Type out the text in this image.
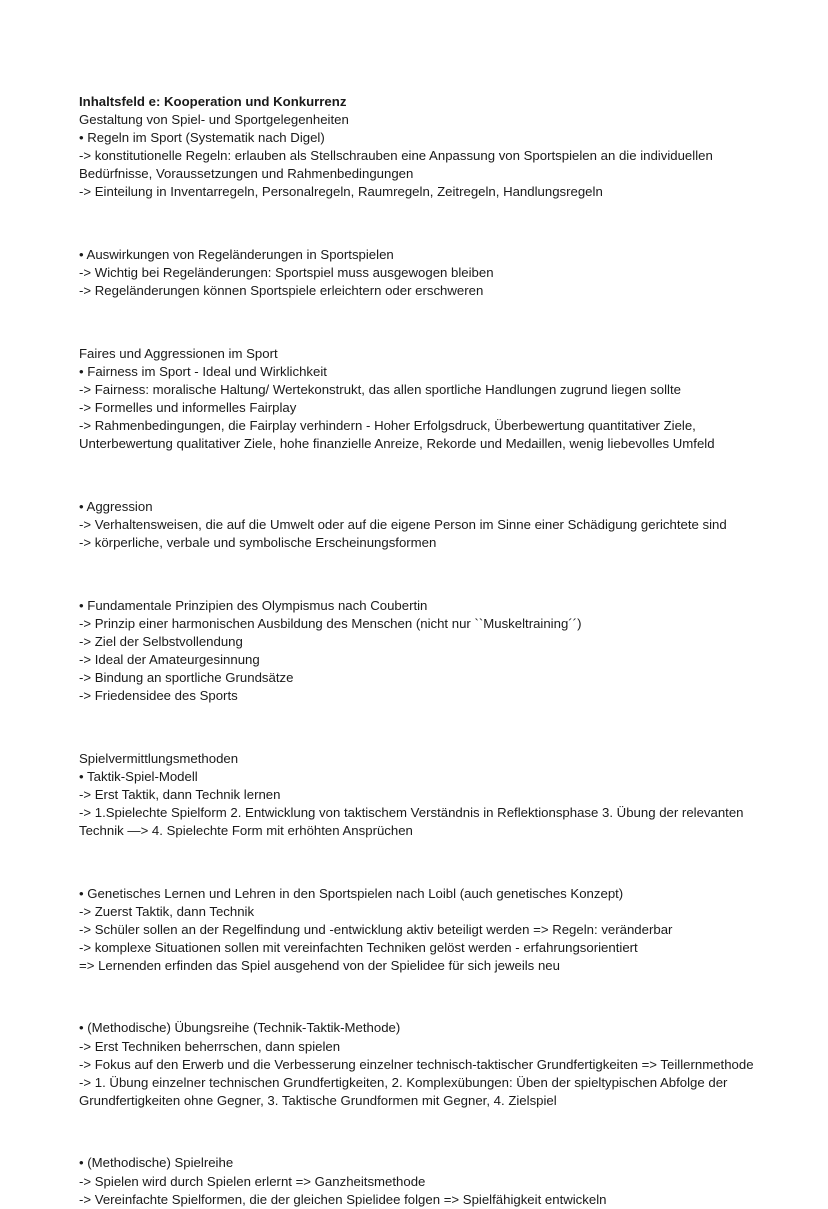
Inhaltsfeld e: Kooperation und Konkurrenz

Gestaltung von Spiel- und Sportgelegenheiten

• Regeln im Sport (Systematik nach Digel)

-> konstitutionelle Regeln: erlauben als Stellschrauben eine Anpassung von Sportspielen an die individuellen Bedürfnisse, Voraussetzungen und Rahmenbedingungen

-> Einteilung in Inventarregeln, Personalregeln, Raumregeln, Zeitregeln, Handlungsregeln

• Auswirkungen von Regeländerungen in Sportspielen

-> Wichtig bei Regeländerungen: Sportspiel muss ausgewogen bleiben

-> Regeländerungen können Sportspiele erleichtern oder erschweren

Faires und Aggressionen im Sport

• Fairness im Sport - Ideal und Wirklichkeit

-> Fairness: moralische Haltung/ Wertekonstrukt, das allen sportliche Handlungen zugrund liegen sollte

-> Formelles und informelles Fairplay

-> Rahmenbedingungen, die Fairplay verhindern - Hoher Erfolgsdruck, Überbewertung quantitativer Ziele, Unterbewertung qualitativer Ziele, hohe finanzielle Anreize, Rekorde und Medaillen, wenig liebevolles Umfeld

• Aggression

-> Verhaltensweisen, die auf die Umwelt oder auf die eigene Person im Sinne einer Schädigung gerichtete sind

-> körperliche, verbale und symbolische Erscheinungsformen

• Fundamentale Prinzipien des Olympismus nach Coubertin

-> Prinzip einer harmonischen Ausbildung des Menschen (nicht nur ``Muskeltraining´´)

-> Ziel der Selbstvollendung

-> Ideal der Amateurgesinnung

-> Bindung an sportliche Grundsätze

-> Friedensidee des Sports

Spielvermittlungsmethoden

• Taktik-Spiel-Modell

-> Erst Taktik, dann Technik lernen

-> 1.Spielechte Spielform 2. Entwicklung von taktischem Verständnis in Reflektionsphase 3. Übung der relevanten Technik —> 4. Spielechte Form mit erhöhten Ansprüchen

• Genetisches Lernen und Lehren in den Sportspielen nach Loibl (auch genetisches Konzept)

-> Zuerst Taktik, dann Technik

-> Schüler sollen an der Regelfindung und -entwicklung aktiv beteiligt werden => Regeln: veränderbar

-> komplexe Situationen sollen mit vereinfachten Techniken gelöst werden - erfahrungsorientiert

=> Lernenden erfinden das Spiel ausgehend von der Spielidee für sich jeweils neu

• (Methodische) Übungsreihe (Technik-Taktik-Methode)

-> Erst Techniken beherrschen, dann spielen

-> Fokus auf den Erwerb und die Verbesserung einzelner technisch-taktischer Grundfertigkeiten => Teillernmethode

-> 1. Übung einzelner technischen Grundfertigkeiten, 2. Komplexübungen: Üben der spieltypischen Abfolge der Grundfertigkeiten ohne Gegner, 3. Taktische Grundformen mit Gegner, 4. Zielspiel

• (Methodische) Spielreihe

-> Spielen wird durch Spielen erlernt => Ganzheitsmethode

-> Vereinfachte Spielformen, die der gleichen Spielidee folgen => Spielfähigkeit entwickeln
